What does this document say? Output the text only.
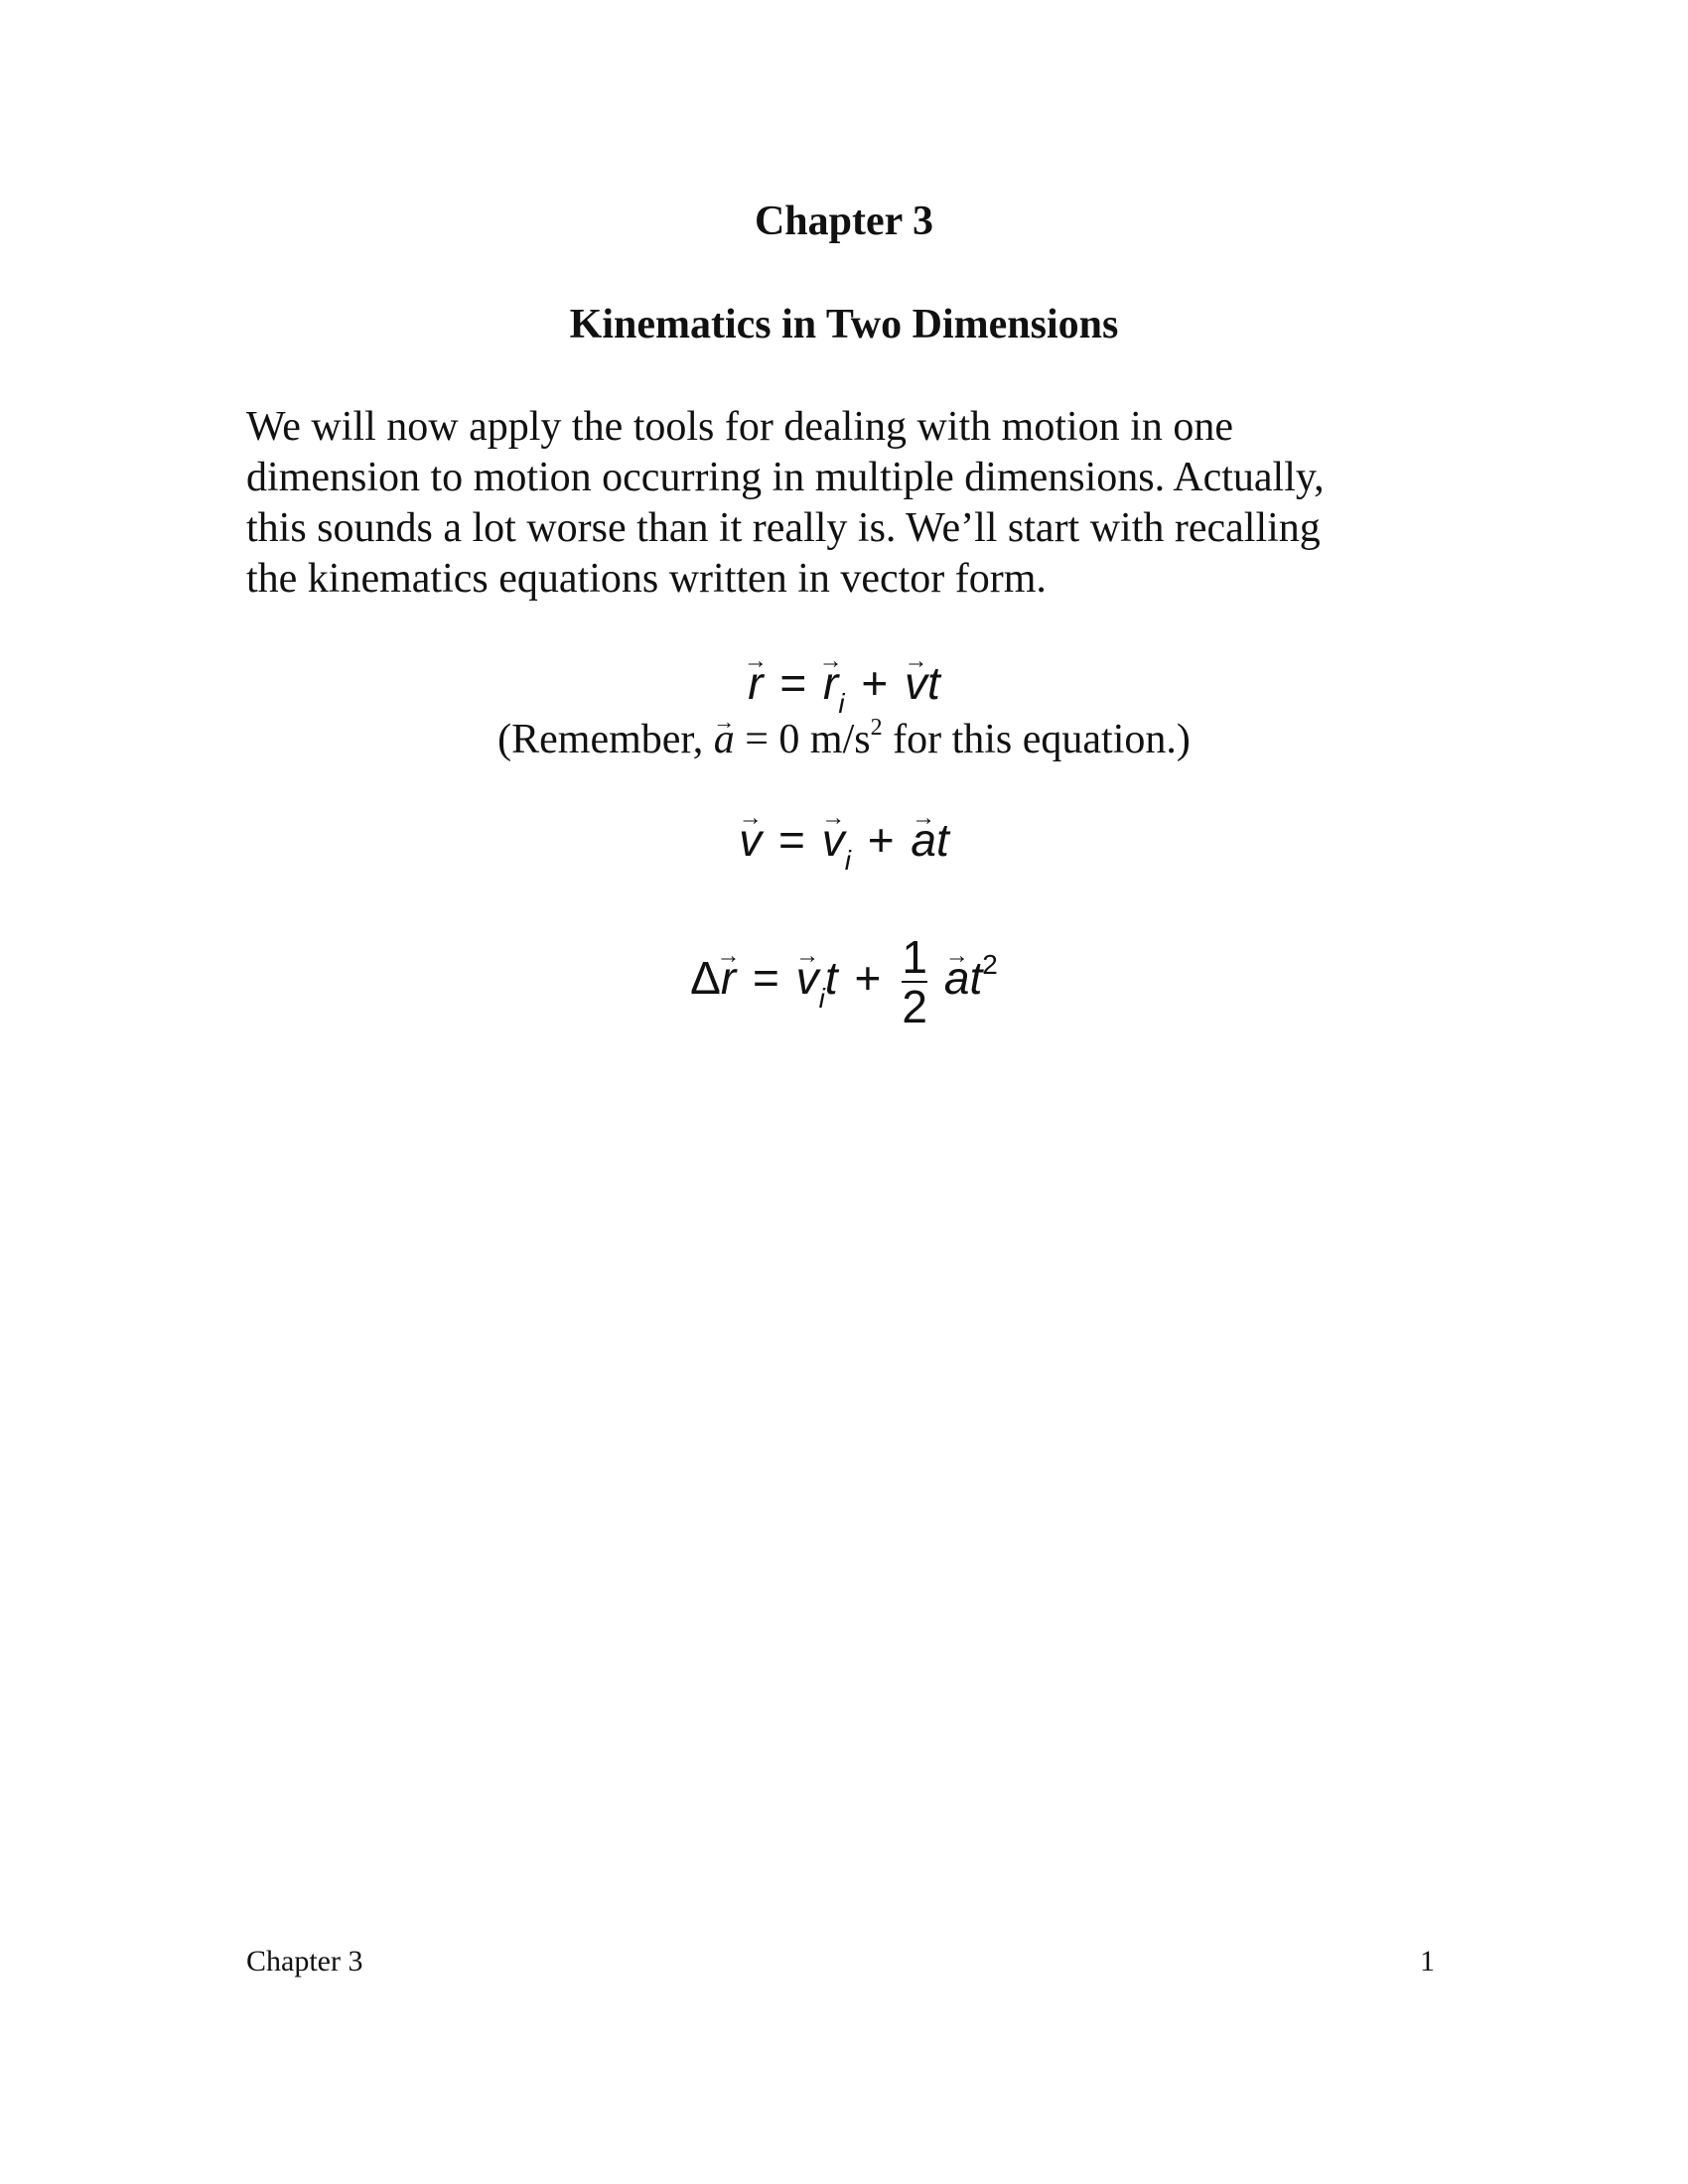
Chapter 3
Kinematics in Two Dimensions

We will now apply the tools for dealing with motion in one
dimension to motion occurring in multiple dimensions. Actually,
this sounds a lot worse than it really is. We’ll start with recalling
the kinematics equations written in vector form.

→ r = → $r_i$ + → vt
(Remember, → a = 0 $m/s^2$ for this equation.)
→ v = → $v_i$ + → at
Δ→ r = → $v_it + \frac{1}{2}$
→ $at^2$
Chapter 3	1
